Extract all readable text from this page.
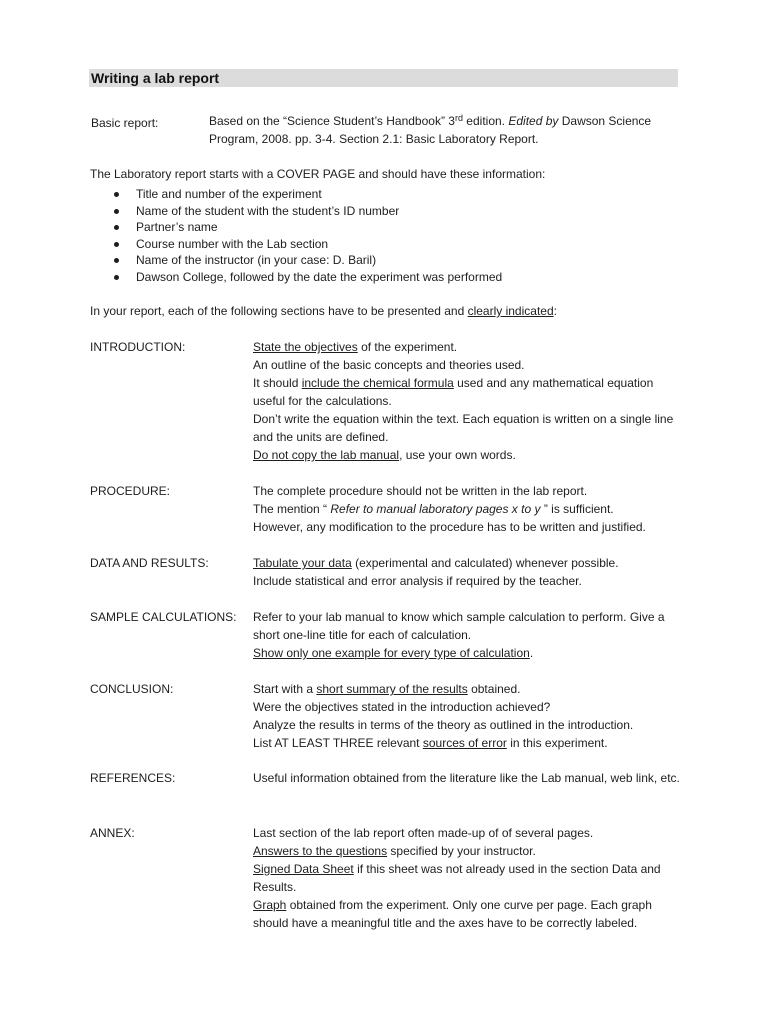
Writing a lab report
Basic report:	Based on the “Science Student’s Handbook” 3rd edition. Edited by Dawson Science Program, 2008. pp. 3-4. Section 2.1: Basic Laboratory Report.
The Laboratory report starts with a COVER PAGE and should have these information:
Title and number of the experiment
Name of the student with the student’s ID number
Partner’s name
Course number with the Lab section
Name of the instructor (in your case: D. Baril)
Dawson College, followed by the date the experiment was performed
In your report, each of the following sections have to be presented and clearly indicated:
INTRODUCTION:	State the objectives of the experiment.

An outline of the basic concepts and theories used.

It should include the chemical formula used and any mathematical equation useful for the calculations.

Don’t write the equation within the text. Each equation is written on a single line and the units are defined.

Do not copy the lab manual, use your own words.

PROCEDURE:	The complete procedure should not be written in the lab report.

The mention “ Refer to manual laboratory pages x to y ” is sufficient.

However, any modification to the procedure has to be written and justified.

DATA AND RESULTS:	Tabulate your data (experimental and calculated) whenever possible.

Include statistical and error analysis if required by the teacher.

SAMPLE CALCULATIONS: Refer to your lab manual to know which sample calculation to perform. Give a short one-line title for each of calculation.

Show only one example for every type of calculation.

CONCLUSION:	Start with a short summary of the results obtained.

Were the objectives stated in the introduction achieved?

Analyze the results in terms of the theory as outlined in the introduction.

List AT LEAST THREE relevant sources of error in this experiment.

REFERENCES:	Useful information obtained from the literature like the Lab manual, web link, etc.

ANNEX:	Last section of the lab report often made-up of of several pages.

Answers to the questions specified by your instructor.

Signed Data Sheet if this sheet was not already used in the section Data and Results.

Graph obtained from the experiment. Only one curve per page. Each graph should have a meaningful title and the axes have to be correctly labeled.
